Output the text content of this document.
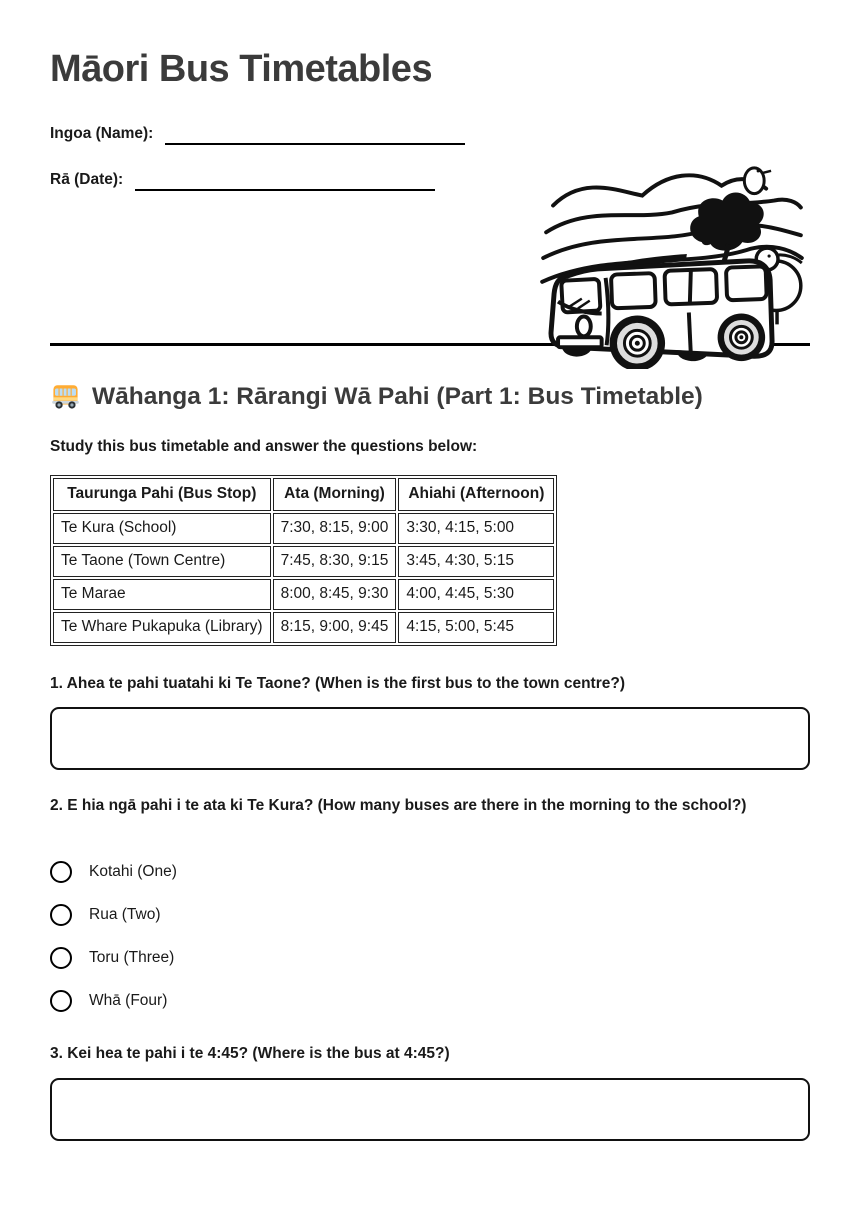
Māori Bus Timetables
Ingoa (Name):
Rā (Date):
Wāhanga 1: Rārangi Wā Pahi (Part 1: Bus Timetable)
Study this bus timetable and answer the questions below:
Taurunga Pahi (Bus Stop)	Ata (Morning)	Ahiahi (Afternoon)
Te Kura (School)	7:30, 8:15, 9:00	3:30, 4:15, 5:00
Te Taone (Town Centre)	7:45, 8:30, 9:15	3:45, 4:30, 5:15
Te Marae	8:00, 8:45, 9:30	4:00, 4:45, 5:30
Te Whare Pukapuka (Library)	8:15, 9:00, 9:45	4:15, 5:00, 5:45
1. Ahea te pahi tuatahi ki Te Taone? (When is the first bus to the town centre?)
2. E hia ngā pahi i te ata ki Te Kura? (How many buses are there in the morning to the school?)
Kotahi (One)
Rua (Two)
Toru (Three)
Whā (Four)
3. Kei hea te pahi i te 4:45? (Where is the bus at 4:45?)
